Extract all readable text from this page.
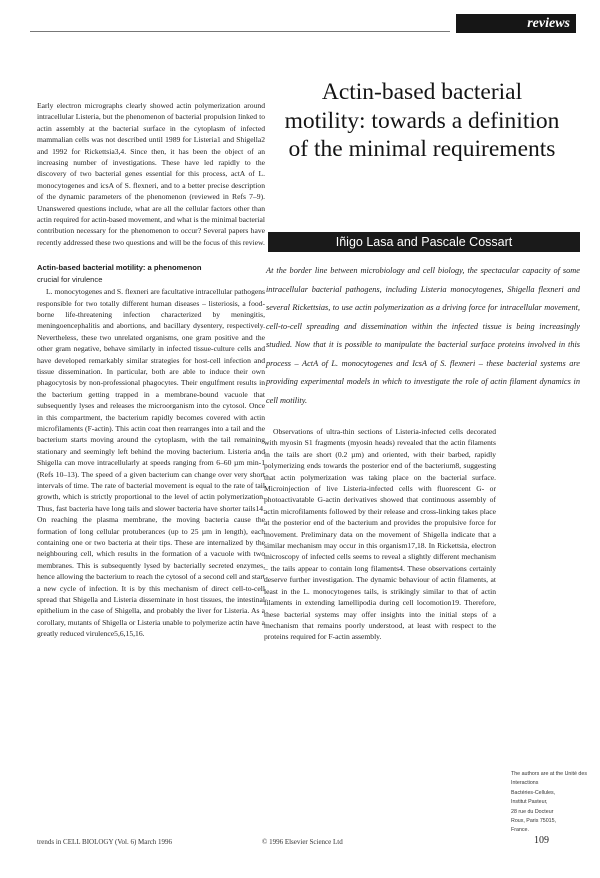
reviews

Early electron micrographs clearly showed actin polymerization around intracellular Listeria, but the phenomenon of bacterial propulsion linked to actin assembly at the bacterial surface in the cytoplasm of infected mammalian cells was not described until 1989 for Listeria1 and Shigella2 and 1992 for Rickettsia3,4. Since then, it has been the object of an increasing number of investigations. These have led rapidly to the discovery of two bacterial genes essential for this process, actA of L. monocytogenes and icsA of S. flexneri, and to a better precise description of the dynamic parameters of the phenomenon (reviewed in Refs 7–9). Unanswered questions include, what are all the cellular factors other than actin required for actin-based movement, and what is the minimal bacterial contribution necessary for the phenomenon to occur? Several papers have recently addressed these two questions and will be the focus of this review.

Actin-based bacterial motility: a phenomenon
crucial for virulence

L. monocytogenes and S. flexneri are facultative intracellular pathogens responsible for two totally different human diseases – listeriosis, a food-borne life-threatening infection characterized by meningitis, meningoencephalitis and abortions, and bacillary dysentery, respectively. Nevertheless, these two unrelated organisms, one gram positive and the other gram negative, behave similarly in infected tissue-culture cells and have developed remarkably similar strategies for host-cell infection and tissue dissemination. In particular, both are able to induce their own phagocytosis by non-professional phagocytes. Their engulfment results in the bacterium getting trapped in a membrane-bound vacuole that subsequently lyses and releases the microorganism into the cytosol. Once in this compartment, the bacterium rapidly becomes covered with actin microfilaments (F-actin). This actin coat then rearranges into a tail and the bacterium starts moving around the cytoplasm, with the tail remaining stationary and seemingly left behind the moving bacterium. Listeria and Shigella can move intracellularly at speeds ranging from 6–60 µm min-1 (Refs 10–13). The speed of a given bacterium can change over very short intervals of time. The rate of bacterial movement is equal to the rate of tail growth, which is strictly proportional to the level of actin polymerization. Thus, fast bacteria have long tails and slower bacteria have shorter tails14. On reaching the plasma membrane, the moving bacteria cause the formation of long cellular protuberances (up to 25 µm in length), each containing one or two bacteria at their tips. These are internalized by the neighbouring cell, which results in the formation of a vacuole with two membranes. This is subsequently lysed by bacterially secreted enzymes, hence allowing the bacterium to reach the cytosol of a second cell and start a new cycle of infection. It is by this mechanism of direct cell-to-cell spread that Shigella and Listeria disseminate in host tissues, the intestinal epithelium in the case of Shigella, and probably the liver for Listeria. As a corollary, mutants of Shigella or Listeria unable to polymerize actin have a greatly reduced virulence5,6,15,16.

Actin-based bacterial motility: towards a definition of the minimal requirements
Iñigo Lasa and Pascale Cossart

At the border line between microbiology and cell biology, the spectacular capacity of some intracellular bacterial pathogens, including Listeria monocytogenes, Shigella flexneri and several Rickettsias, to use actin polymerization as a driving force for intracellular movement, cell-to-cell spreading and dissemination within the infected tissue is being increasingly studied. Now that it is possible to manipulate the bacterial surface proteins involved in this process – ActA of L. monocytogenes and IcsA of S. flexneri – these bacterial systems are providing experimental models in which to investigate the role of actin filament dynamics in cell motility.

Observations of ultra-thin sections of Listeria-infected cells decorated with myosin S1 fragments (myosin heads) revealed that the actin filaments in the tails are short (0.2 µm) and oriented, with their barbed, rapidly polymerizing ends towards the posterior end of the bacterium8, suggesting that actin polymerization was taking place on the bacterial surface. Microinjection of live Listeria-infected cells with fluorescent G- or photoactivatable G-actin derivatives showed that continuous assembly of actin microfilaments followed by their release and cross-linking takes place at the posterior end of the bacterium and provides the propulsive force for movement. Preliminary data on the movement of Shigella indicate that a similar mechanism may occur in this organism17,18. In Rickettsia, electron microscopy of infected cells seems to reveal a slightly different mechanism – the tails appear to contain long filaments4. These observations certainly deserve further investigation. The dynamic behaviour of actin filaments, at least in the L. monocytogenes tails, is strikingly similar to that of actin filaments in extending lamellipodia during cell locomotion19. Therefore, these bacterial systems may offer insights into the initial steps of a mechanism that remains poorly understood, at least with respect to the proteins required for F-actin assembly.

The authors are at the Unité des
Interactions
Bactéries-Cellules,
Institut Pasteur,
28 rue du Docteur
Roux, Paris 75015,
France.

trends in CELL BIOLOGY (Vol. 6) March 1996	© 1996 Elsevier Science Ltd	109
